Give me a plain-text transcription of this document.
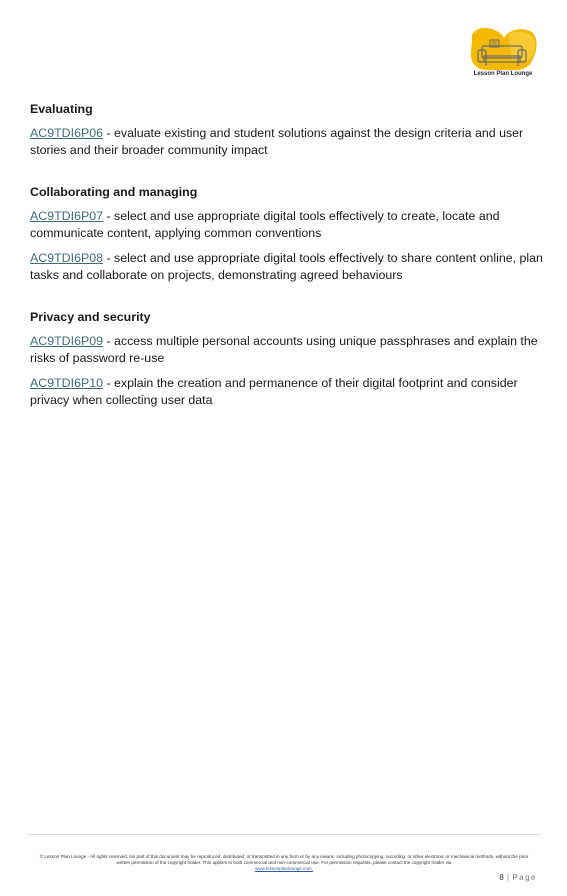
Lesson Plan Lounge
Evaluating

AC9TDI6P06 - evaluate existing and student solutions against the design criteria and user stories and their broader community impact

Collaborating and managing

AC9TDI6P07 - select and use appropriate digital tools effectively to create, locate and communicate content, applying common conventions

AC9TDI6P08 - select and use appropriate digital tools effectively to share content online, plan tasks and collaborate on projects, demonstrating agreed behaviours

Privacy and security

AC9TDI6P09 - access multiple personal accounts using unique passphrases and explain the risks of password re-use

AC9TDI6P10 - explain the creation and permanence of their digital footprint and consider privacy when collecting user data

© Lesson Plan Lounge - All rights reserved. No part of this document may be reproduced, distributed, or transmitted in any form or by any means, including photocopying, recording, or other electronic or mechanical methods, without the prior written permission of the copyright holder. This applies to both commercial and non-commercial use. For permission requests, please contact the copyright holder via
www.lessonplanlounge.com.
8 | Page
